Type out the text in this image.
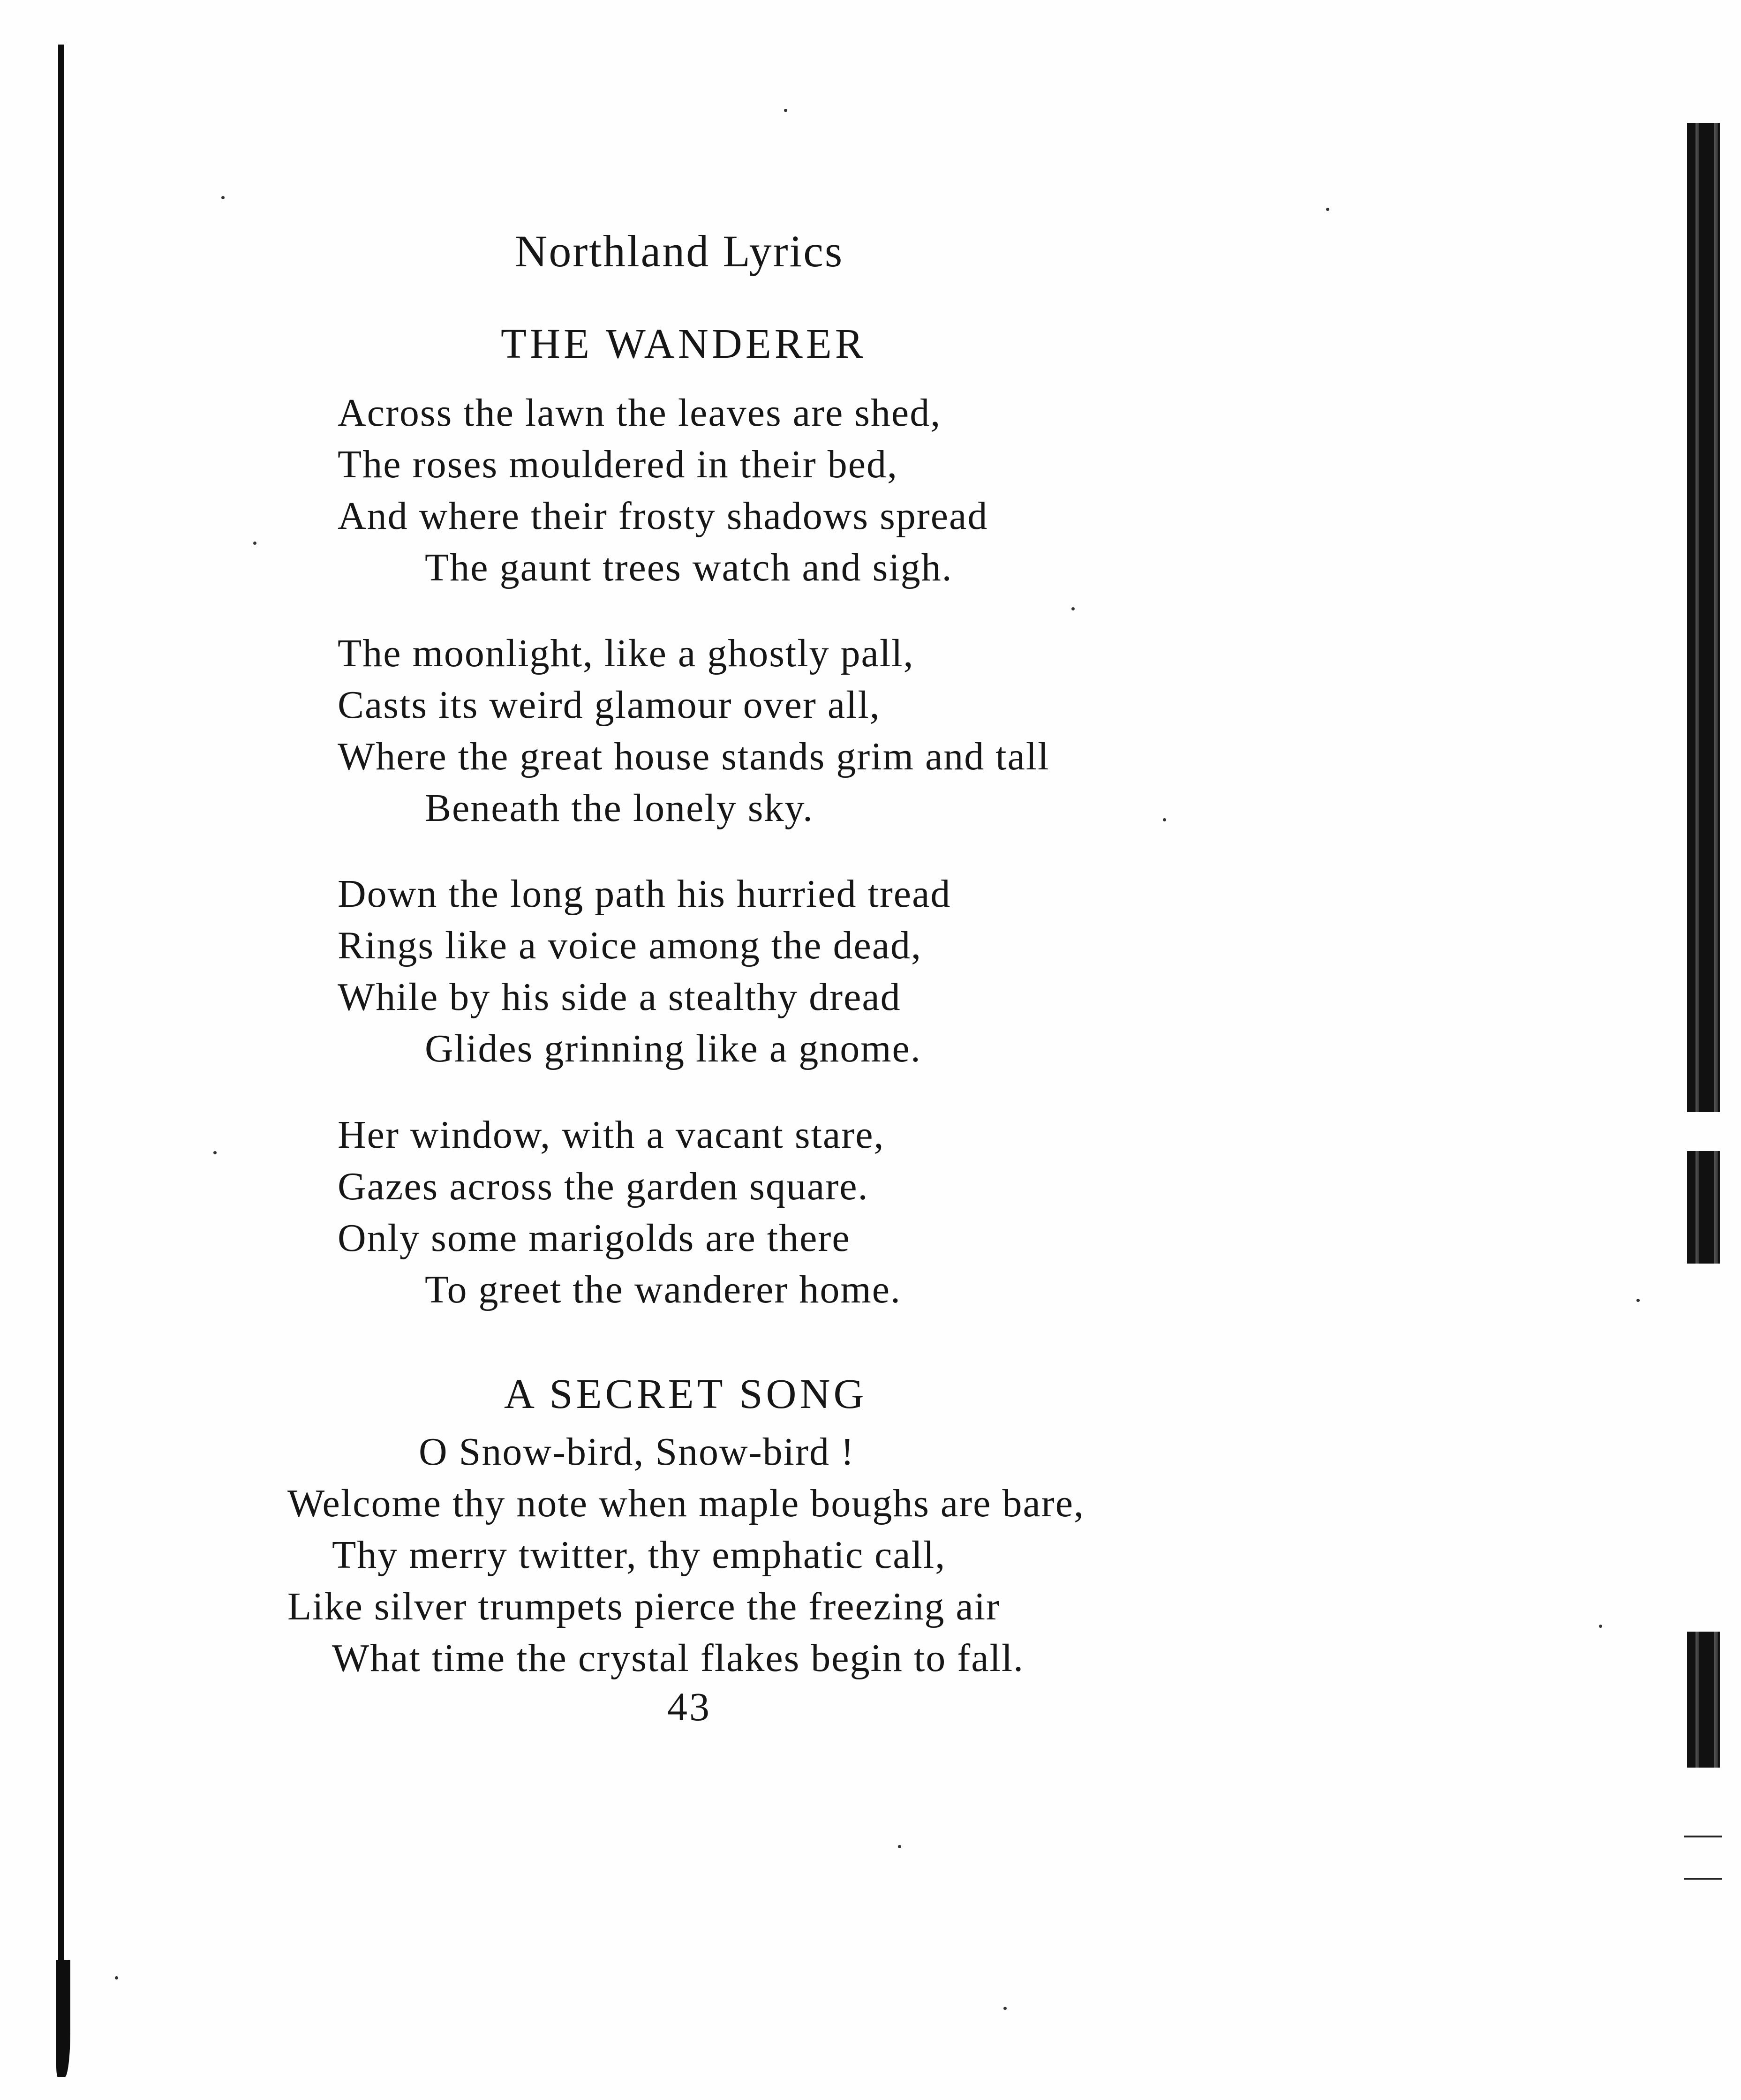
Northland Lyrics
THE WANDERER
Across the lawn the leaves are shed,
The roses mouldered in their bed,
And where their frosty shadows spread
The gaunt trees watch and sigh.
The moonlight, like a ghostly pall,
Casts its weird glamour over all,
Where the great house stands grim and tall
Beneath the lonely sky.
Down the long path his hurried tread
Rings like a voice among the dead,
While by his side a stealthy dread
Glides grinning like a gnome.
Her window, with a vacant stare,
Gazes across the garden square.
Only some marigolds are there
To greet the wanderer home.
A SECRET SONG
O Snow-bird, Snow-bird !
Welcome thy note when maple boughs are bare,
Thy merry twitter, thy emphatic call,
Like silver trumpets pierce the freezing air
What time the crystal flakes begin to fall.
43
